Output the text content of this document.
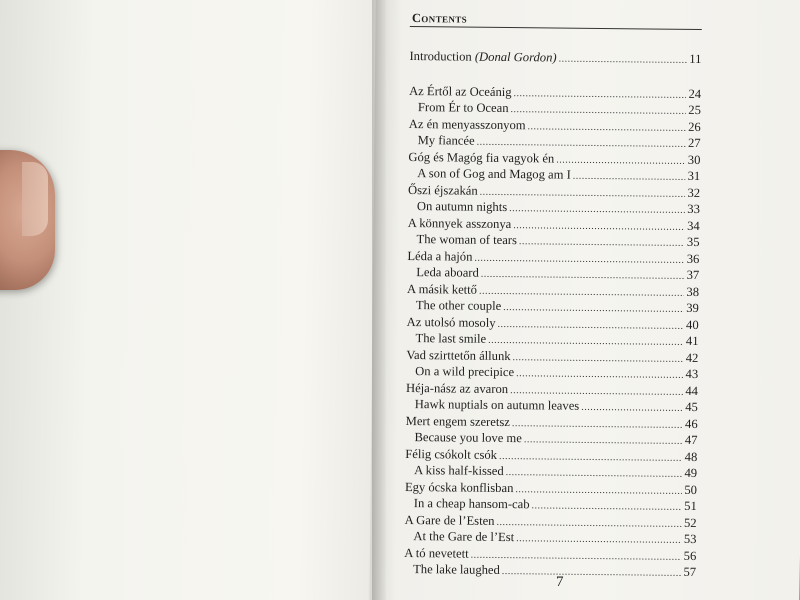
Contents
Introduction (Donal Gordon) .....	11
Az Értől az Oceánig .....	24
From Ér to Ocean .....	25
Az én menyasszonyom .....	26
My fiancée .....	27
Góg és Magóg fia vagyok én .....	30
A son of Gog and Magog am I .....	31
Őszi éjszakán .....	32
On autumn nights .....	33
A könnyek asszonya .....	34
The woman of tears .....	35
Léda a hajón .....	36
Leda aboard .....	37
A másik kettő .....	38
The other couple .....	39
Az utolsó mosoly .....	40
The last smile .....	41
Vad szirttetőn állunk .....	42
On a wild precipice .....	43
Héja-nász az avaron .....	44
Hawk nuptials on autumn leaves .....	45
Mert engem szeretsz .....	46
Because you love me .....	47
Félig csókolt csók .....	48
A kiss half-kissed .....	49
Egy ócska konflisban .....	50
In a cheap hansom-cab .....	51
A Gare de l’Esten .....	52
At the Gare de l’Est .....	53
A tó nevetett .....	56
The lake laughed .....	57
7
